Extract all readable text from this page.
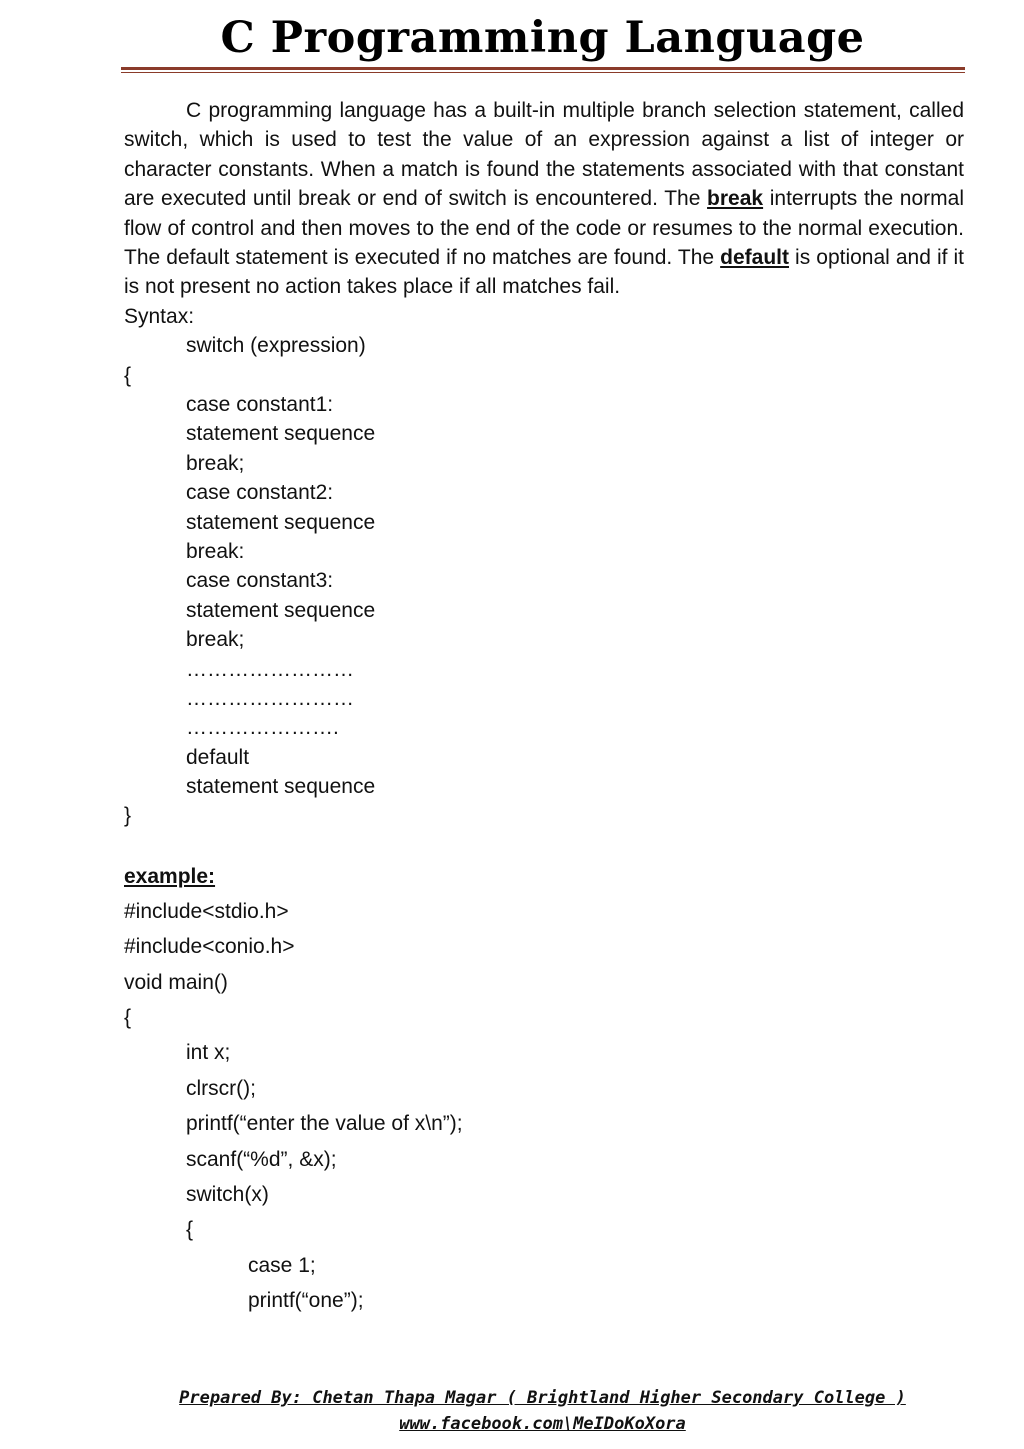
C Programming Language

C programming language has a built-in multiple branch selection statement, called switch, which is used to test the value of an expression against a list of integer or character constants. When a match is found the statements associated with that constant are executed until break or end of switch is encountered. The break interrupts the normal flow of control and then moves to the end of the code or resumes to the normal execution. The default statement is executed if no matches are found. The default is optional and if it is not present no action takes place if all matches fail.

Syntax:
switch (expression)
{
case constant1:
statement sequence
break;
case constant2:
statement sequence
break:
case constant3:
statement sequence
break;
……………………
……………………
………………….
default
statement sequence
}
example:
#include<stdio.h>
#include<conio.h>
void main()
{
int x;
clrscr();
printf(“enter the value of x\n”);
scanf(“%d”, &x);
switch(x)
{
case 1;
printf(“one”);
Prepared By: Chetan Thapa Magar ( Brightland Higher Secondary College )
www.facebook.com\MeIDoKoXora
